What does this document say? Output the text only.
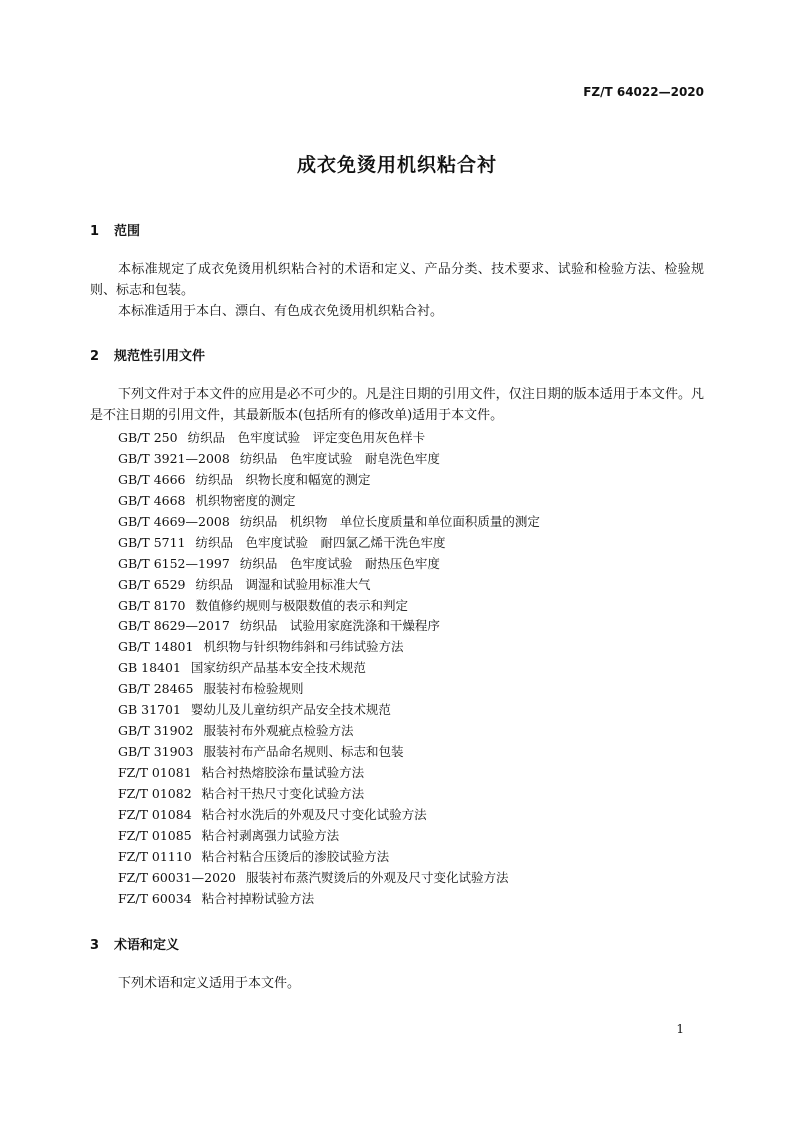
FZ/T 64022—2020
成衣免烫用机织粘合衬
1 范围
本标准规定了成衣免烫用机织粘合衬的术语和定义、产品分类、技术要求、试验和检验方法、检验规则、标志和包装。
本标准适用于本白、漂白、有色成衣免烫用机织粘合衬。
2 规范性引用文件
下列文件对于本文件的应用是必不可少的。凡是注日期的引用文件，仅注日期的版本适用于本文件。凡是不注日期的引用文件，其最新版本(包括所有的修改单)适用于本文件。
GB/T 250 纺织品　色牢度试验　评定变色用灰色样卡
GB/T 3921—2008 纺织品　色牢度试验　耐皂洗色牢度
GB/T 4666 纺织品　织物长度和幅宽的测定
GB/T 4668 机织物密度的测定
GB/T 4669—2008 纺织品　机织物　单位长度质量和单位面积质量的测定
GB/T 5711 纺织品　色牢度试验　耐四氯乙烯干洗色牢度
GB/T 6152—1997 纺织品　色牢度试验　耐热压色牢度
GB/T 6529 纺织品　调湿和试验用标准大气
GB/T 8170 数值修约规则与极限数值的表示和判定
GB/T 8629—2017 纺织品　试验用家庭洗涤和干燥程序
GB/T 14801 机织物与针织物纬斜和弓纬试验方法
GB 18401 国家纺织产品基本安全技术规范
GB/T 28465 服装衬布检验规则
GB 31701 婴幼儿及儿童纺织产品安全技术规范
GB/T 31902 服装衬布外观疵点检验方法
GB/T 31903 服装衬布产品命名规则、标志和包装
FZ/T 01081 粘合衬热熔胶涂布量试验方法
FZ/T 01082 粘合衬干热尺寸变化试验方法
FZ/T 01084 粘合衬水洗后的外观及尺寸变化试验方法
FZ/T 01085 粘合衬剥离强力试验方法
FZ/T 01110 粘合衬粘合压烫后的渗胶试验方法
FZ/T 60031—2020 服装衬布蒸汽熨烫后的外观及尺寸变化试验方法
FZ/T 60034 粘合衬掉粉试验方法
3 术语和定义
下列术语和定义适用于本文件。
1
